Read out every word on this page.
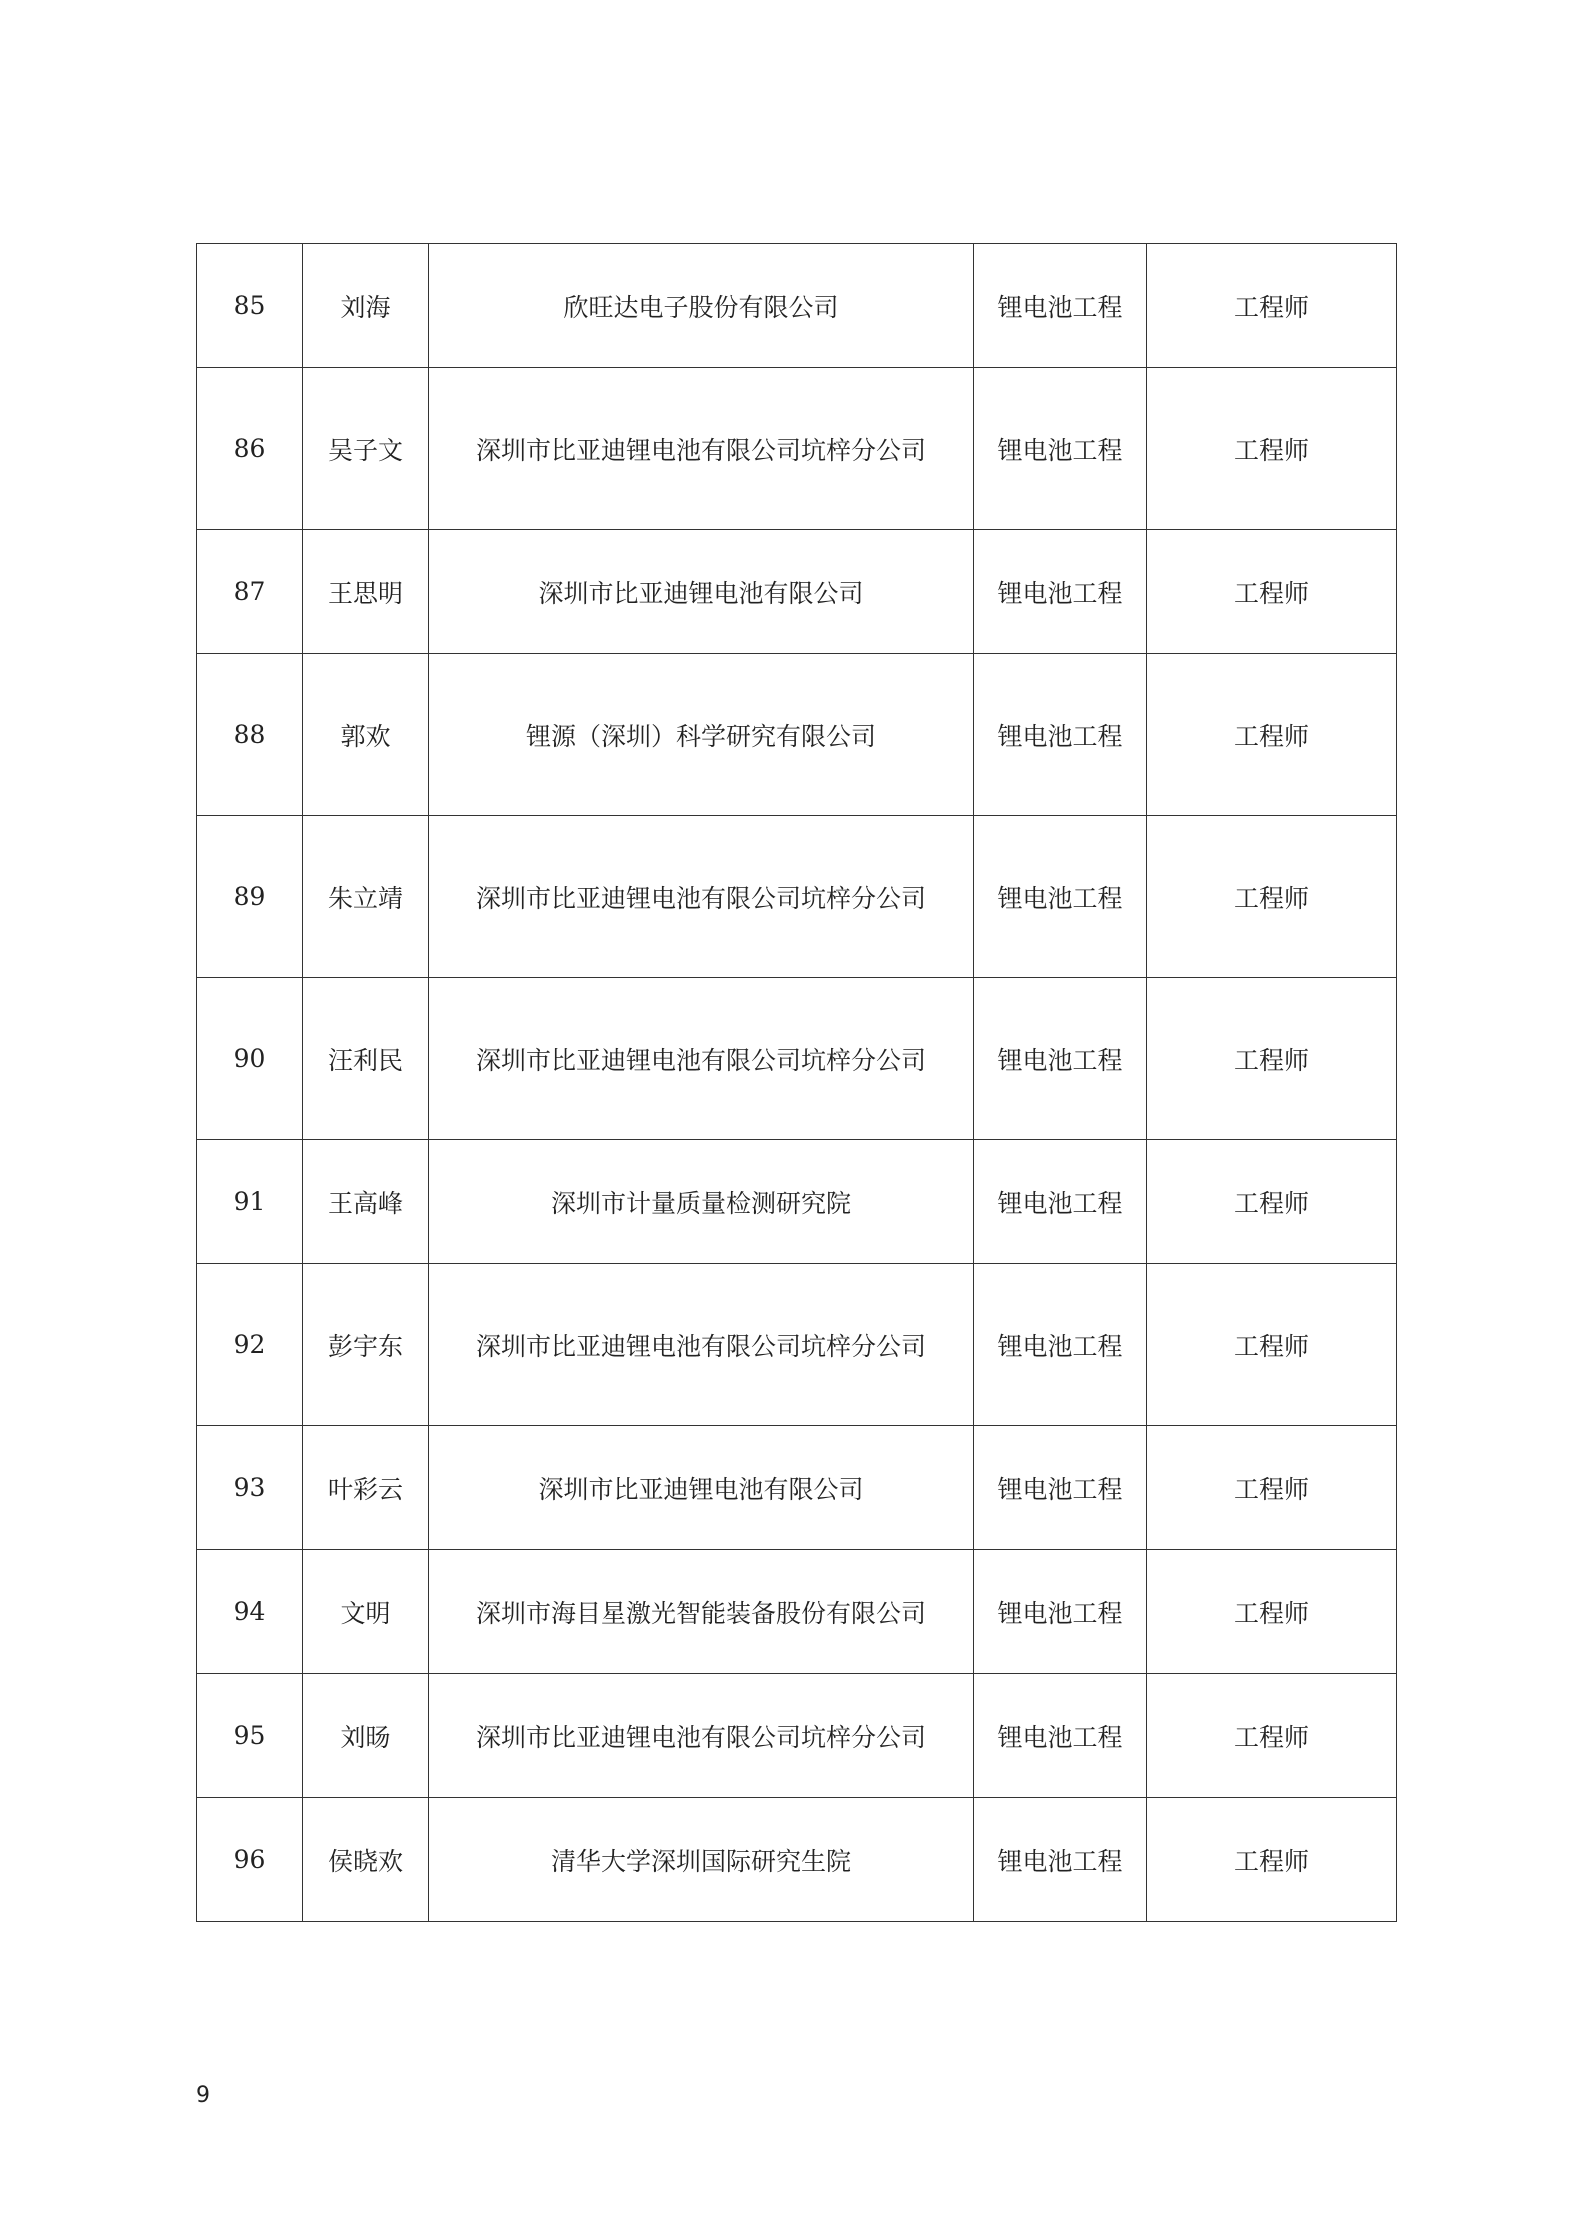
85	刘海	欣旺达电子股份有限公司	锂电池工程	工程师
86	吴子文	深圳市比亚迪锂电池有限公司坑梓分公司	锂电池工程	工程师
87	王思明	深圳市比亚迪锂电池有限公司	锂电池工程	工程师
88	郭欢	锂源（深圳）科学研究有限公司	锂电池工程	工程师
89	朱立靖	深圳市比亚迪锂电池有限公司坑梓分公司	锂电池工程	工程师
90	汪利民	深圳市比亚迪锂电池有限公司坑梓分公司	锂电池工程	工程师
91	王高峰	深圳市计量质量检测研究院	锂电池工程	工程师
92	彭宇东	深圳市比亚迪锂电池有限公司坑梓分公司	锂电池工程	工程师
93	叶彩云	深圳市比亚迪锂电池有限公司	锂电池工程	工程师
94	文明	深圳市海目星激光智能装备股份有限公司	锂电池工程	工程师
95	刘旸	深圳市比亚迪锂电池有限公司坑梓分公司	锂电池工程	工程师
96	侯晓欢	清华大学深圳国际研究生院	锂电池工程	工程师
9
